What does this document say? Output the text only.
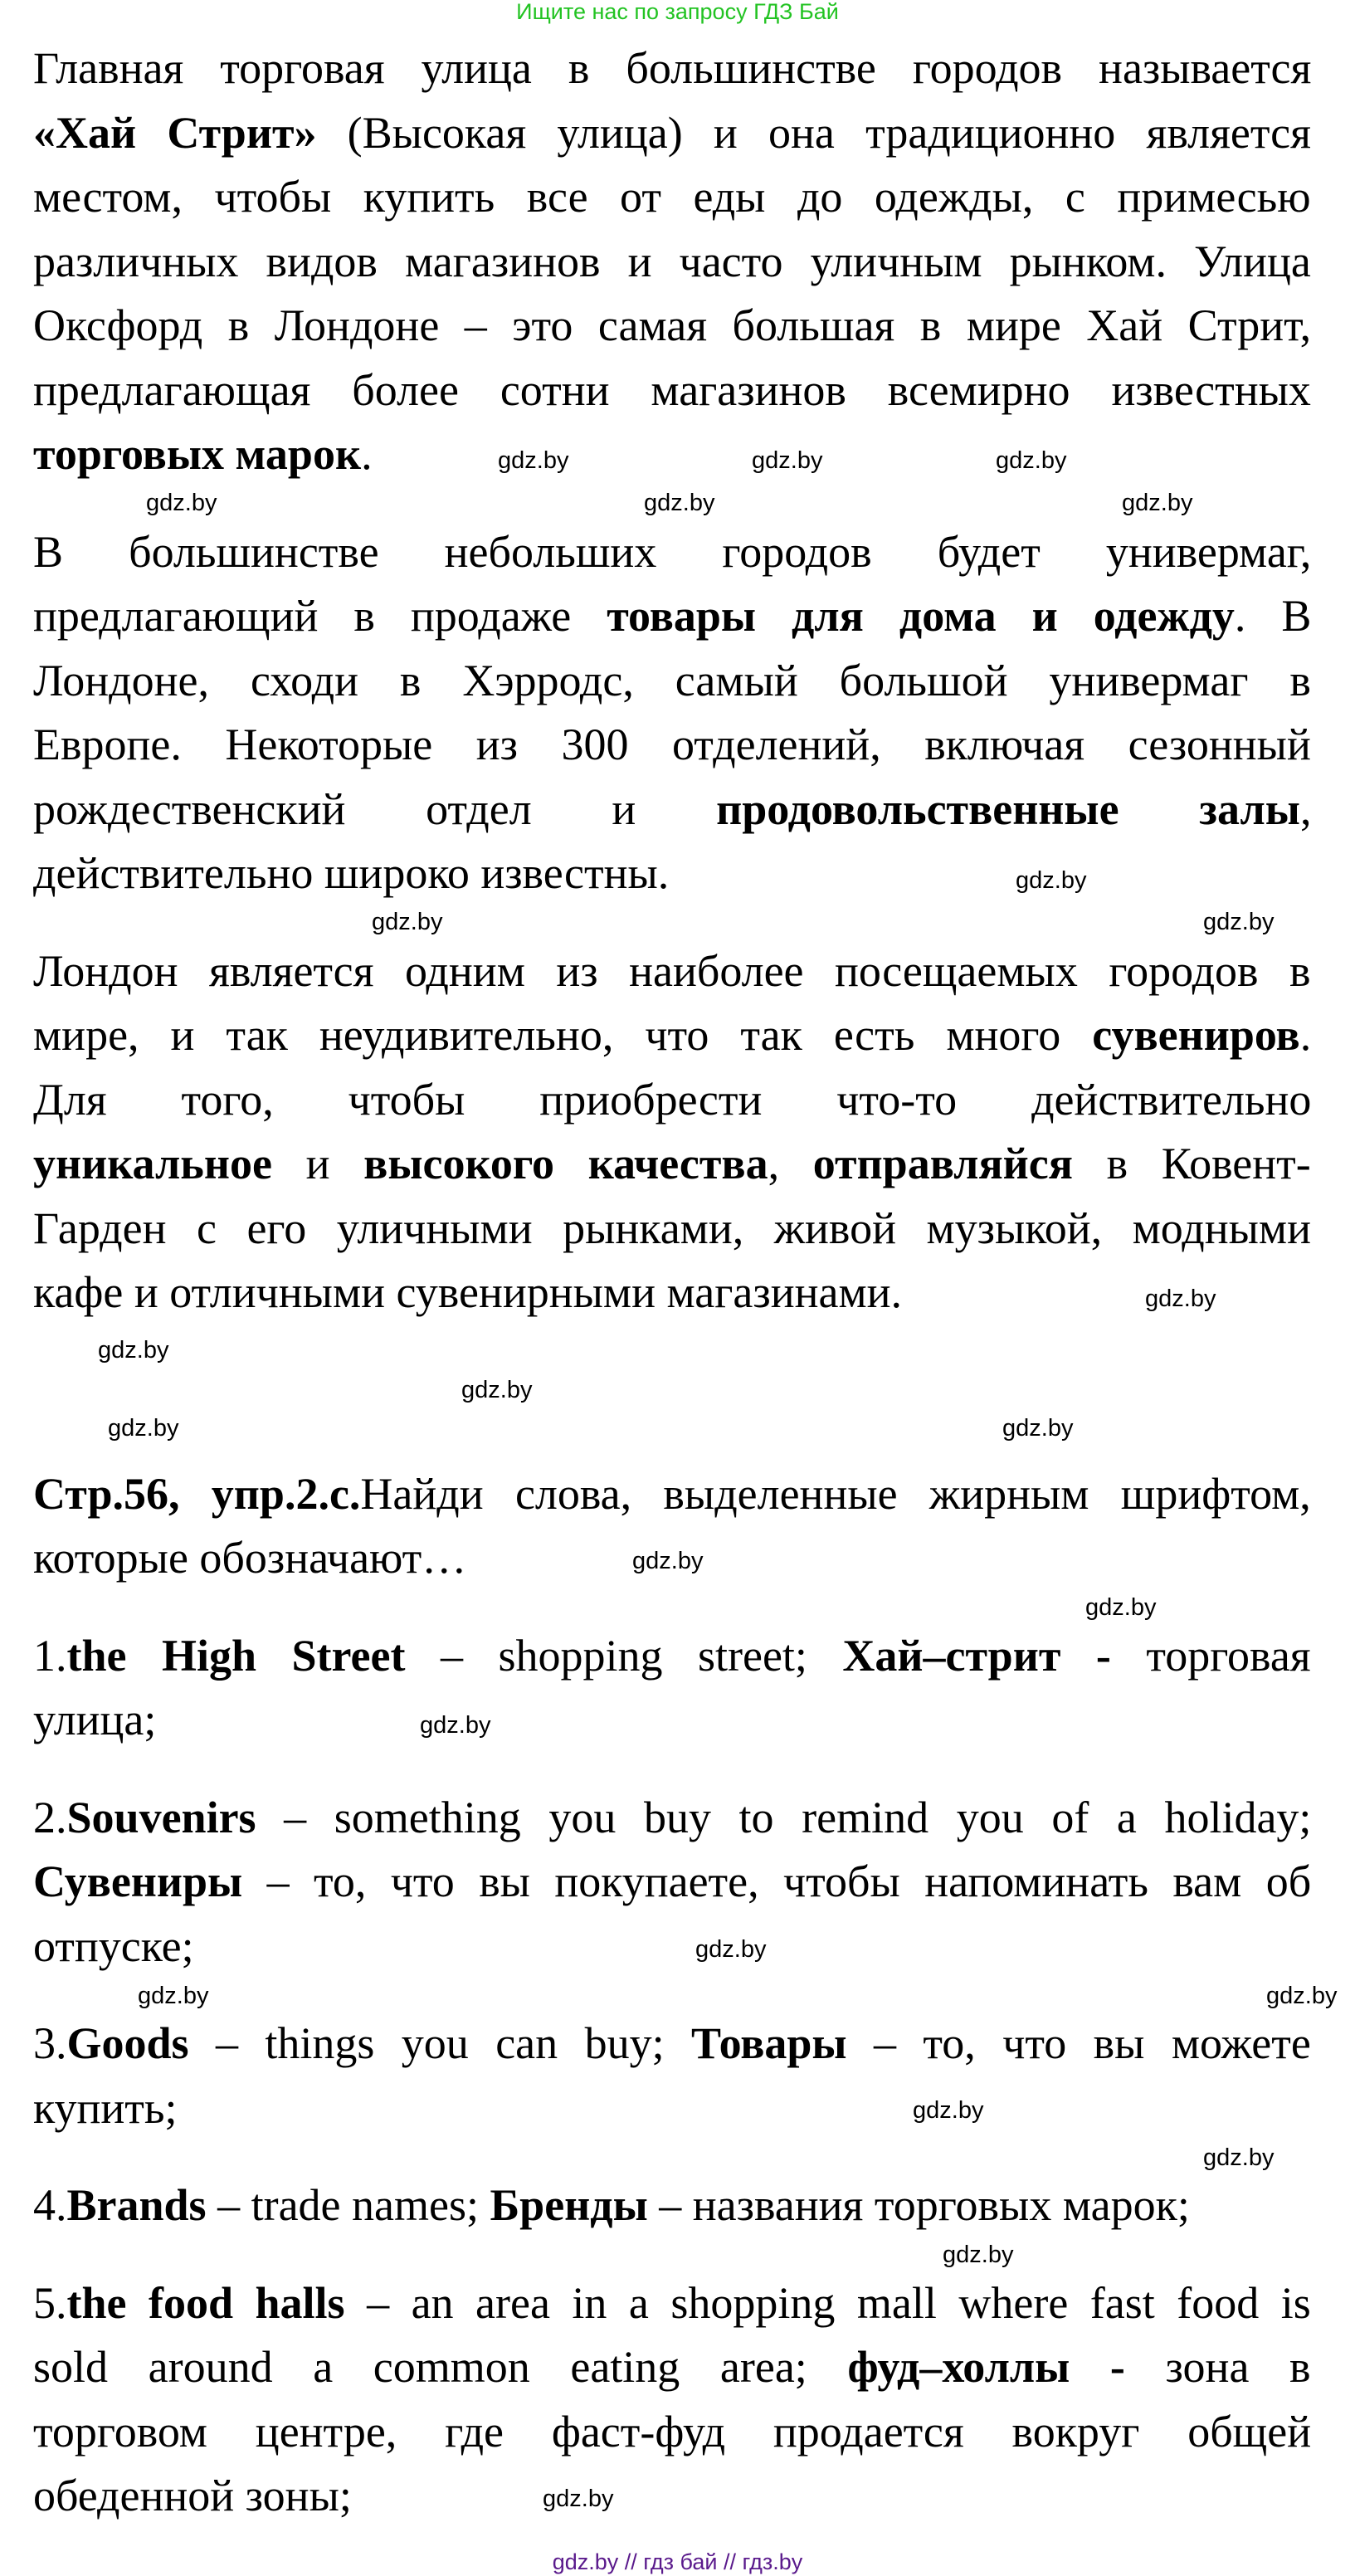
Ищите нас по запросу ГДЗ Бай
Главная торговая улица в большинстве городов называется
«Хай Стрит» (Высокая улица) и она традиционно является
местом, чтобы купить все от еды до одежды, с примесью
различных видов магазинов и часто уличным рынком. Улица
Оксфорд в Лондоне – это самая большая в мире Хай Стрит,
предлагающая более сотни магазинов всемирно известных
торговых марок.
В большинстве небольших городов будет универмаг,
предлагающий в продаже товары для дома и одежду. В
Лондоне, сходи в Хэрродс, самый большой универмаг в
Европе. Некоторые из 300 отделений, включая сезонный
рождественский отдел и продовольственные залы,
действительно широко известны.
Лондон является одним из наиболее посещаемых городов в
мире, и так неудивительно, что так есть много сувениров.
Для того, чтобы приобрести что-то действительно
уникальное и высокого качества, отправляйся в Ковент-
Гарден с его уличными рынками, живой музыкой, модными
кафе и отличными сувенирными магазинами.
Стр.56, упр.2.с.Найди слова, выделенные жирным шрифтом,
которые обозначают…
1.the High Street – shopping street; Хай–стрит - торговая
улица;
2.Souvenirs – something you buy to remind you of a holiday;
Сувениры – то, что вы покупаете, чтобы напоминать вам об
отпуске;
3.Goods – things you can buy; Товары – то, что вы можете
купить;
4.Brands – trade names; Бренды – названия торговых марок;
5.the food halls – an area in a shopping mall where fast food is
sold around a common eating area; фуд–холлы - зона в
торговом центре, где фаст-фуд продается вокруг общей
обеденной зоны;
gdz.by	gdz.by	gdz.by
gdz.by	gdz.by	gdz.by
gdz.by
gdz.by	gdz.by
gdz.by
gdz.by
gdz.by
gdz.by
gdz.by
gdz.by
gdz.by
gdz.by
gdz.by
gdz.by	gdz.by
gdz.by
gdz.by
gdz.by
gdz.by
gdz.by // гдз бай // гдз.by
